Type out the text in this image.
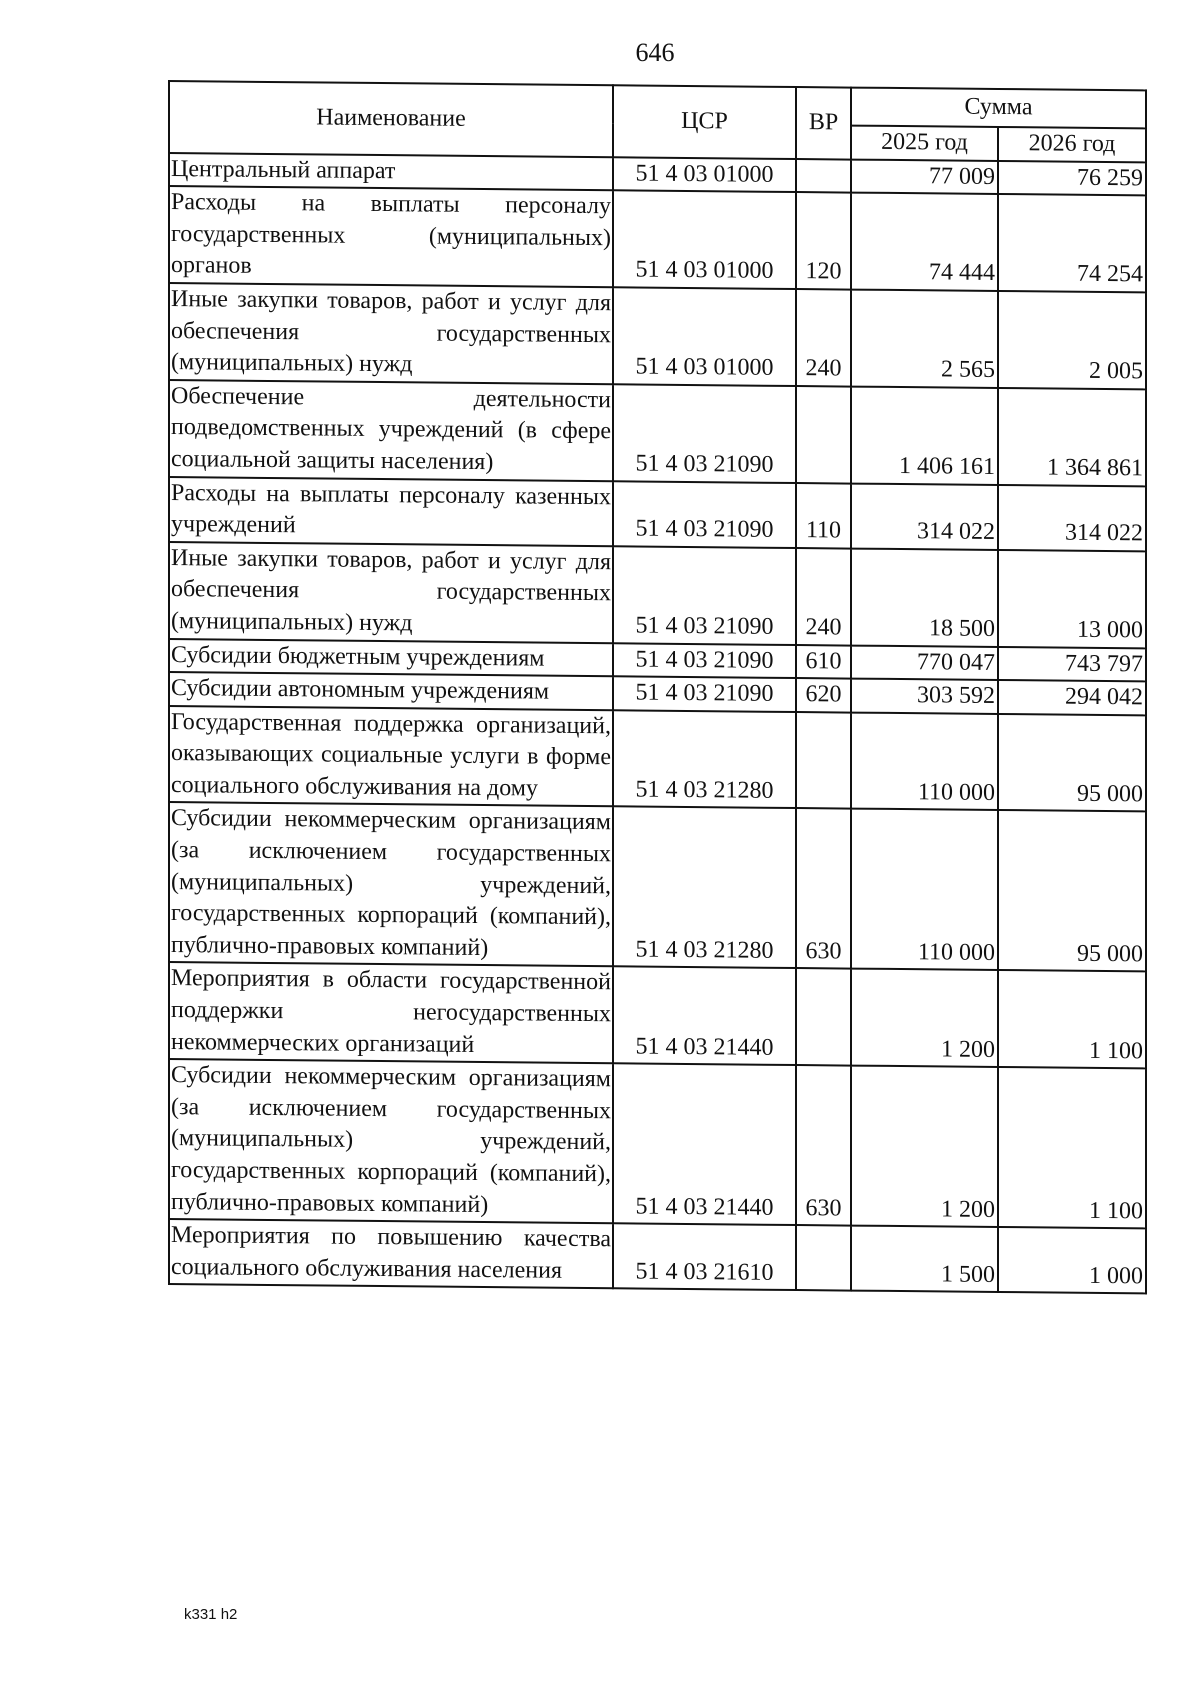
646
Наименование	ЦСР	ВР	Сумма	
			2025 год	2026 год
Центральный аппарат	51 4 03 01000		77 009	76 259
Расходы на выплаты персоналу государственных (муниципальных) органов	51 4 03 01000	120	74 444	74 254
Иные закупки товаров, работ и услуг для обеспечения государственных (муниципальных) нужд	51 4 03 01000	240	2 565	2 005
Обеспечение деятельности подведомственных учреждений (в сфере социальной защиты населения)	51 4 03 21090		1 406 161	1 364 861
Расходы на выплаты персоналу казенных учреждений	51 4 03 21090	110	314 022	314 022
Иные закупки товаров, работ и услуг для обеспечения государственных (муниципальных) нужд	51 4 03 21090	240	18 500	13 000
Субсидии бюджетным учреждениям	51 4 03 21090	610	770 047	743 797
Субсидии автономным учреждениям	51 4 03 21090	620	303 592	294 042
Государственная поддержка организаций, оказывающих социальные услуги в форме социального обслуживания на дому	51 4 03 21280		110 000	95 000
Субсидии некоммерческим организациям (за исключением государственных (муниципальных) учреждений, государственных корпораций (компаний), публично-правовых компаний)	51 4 03 21280	630	110 000	95 000
Мероприятия в области государственной поддержки негосударственных некоммерческих организаций	51 4 03 21440		1 200	1 100
Субсидии некоммерческим организациям (за исключением государственных (муниципальных) учреждений, государственных корпораций (компаний), публично-правовых компаний)	51 4 03 21440	630	1 200	1 100
Мероприятия по повышению качества социального обслуживания населения	51 4 03 21610		1 500	1 000
k331 h2
